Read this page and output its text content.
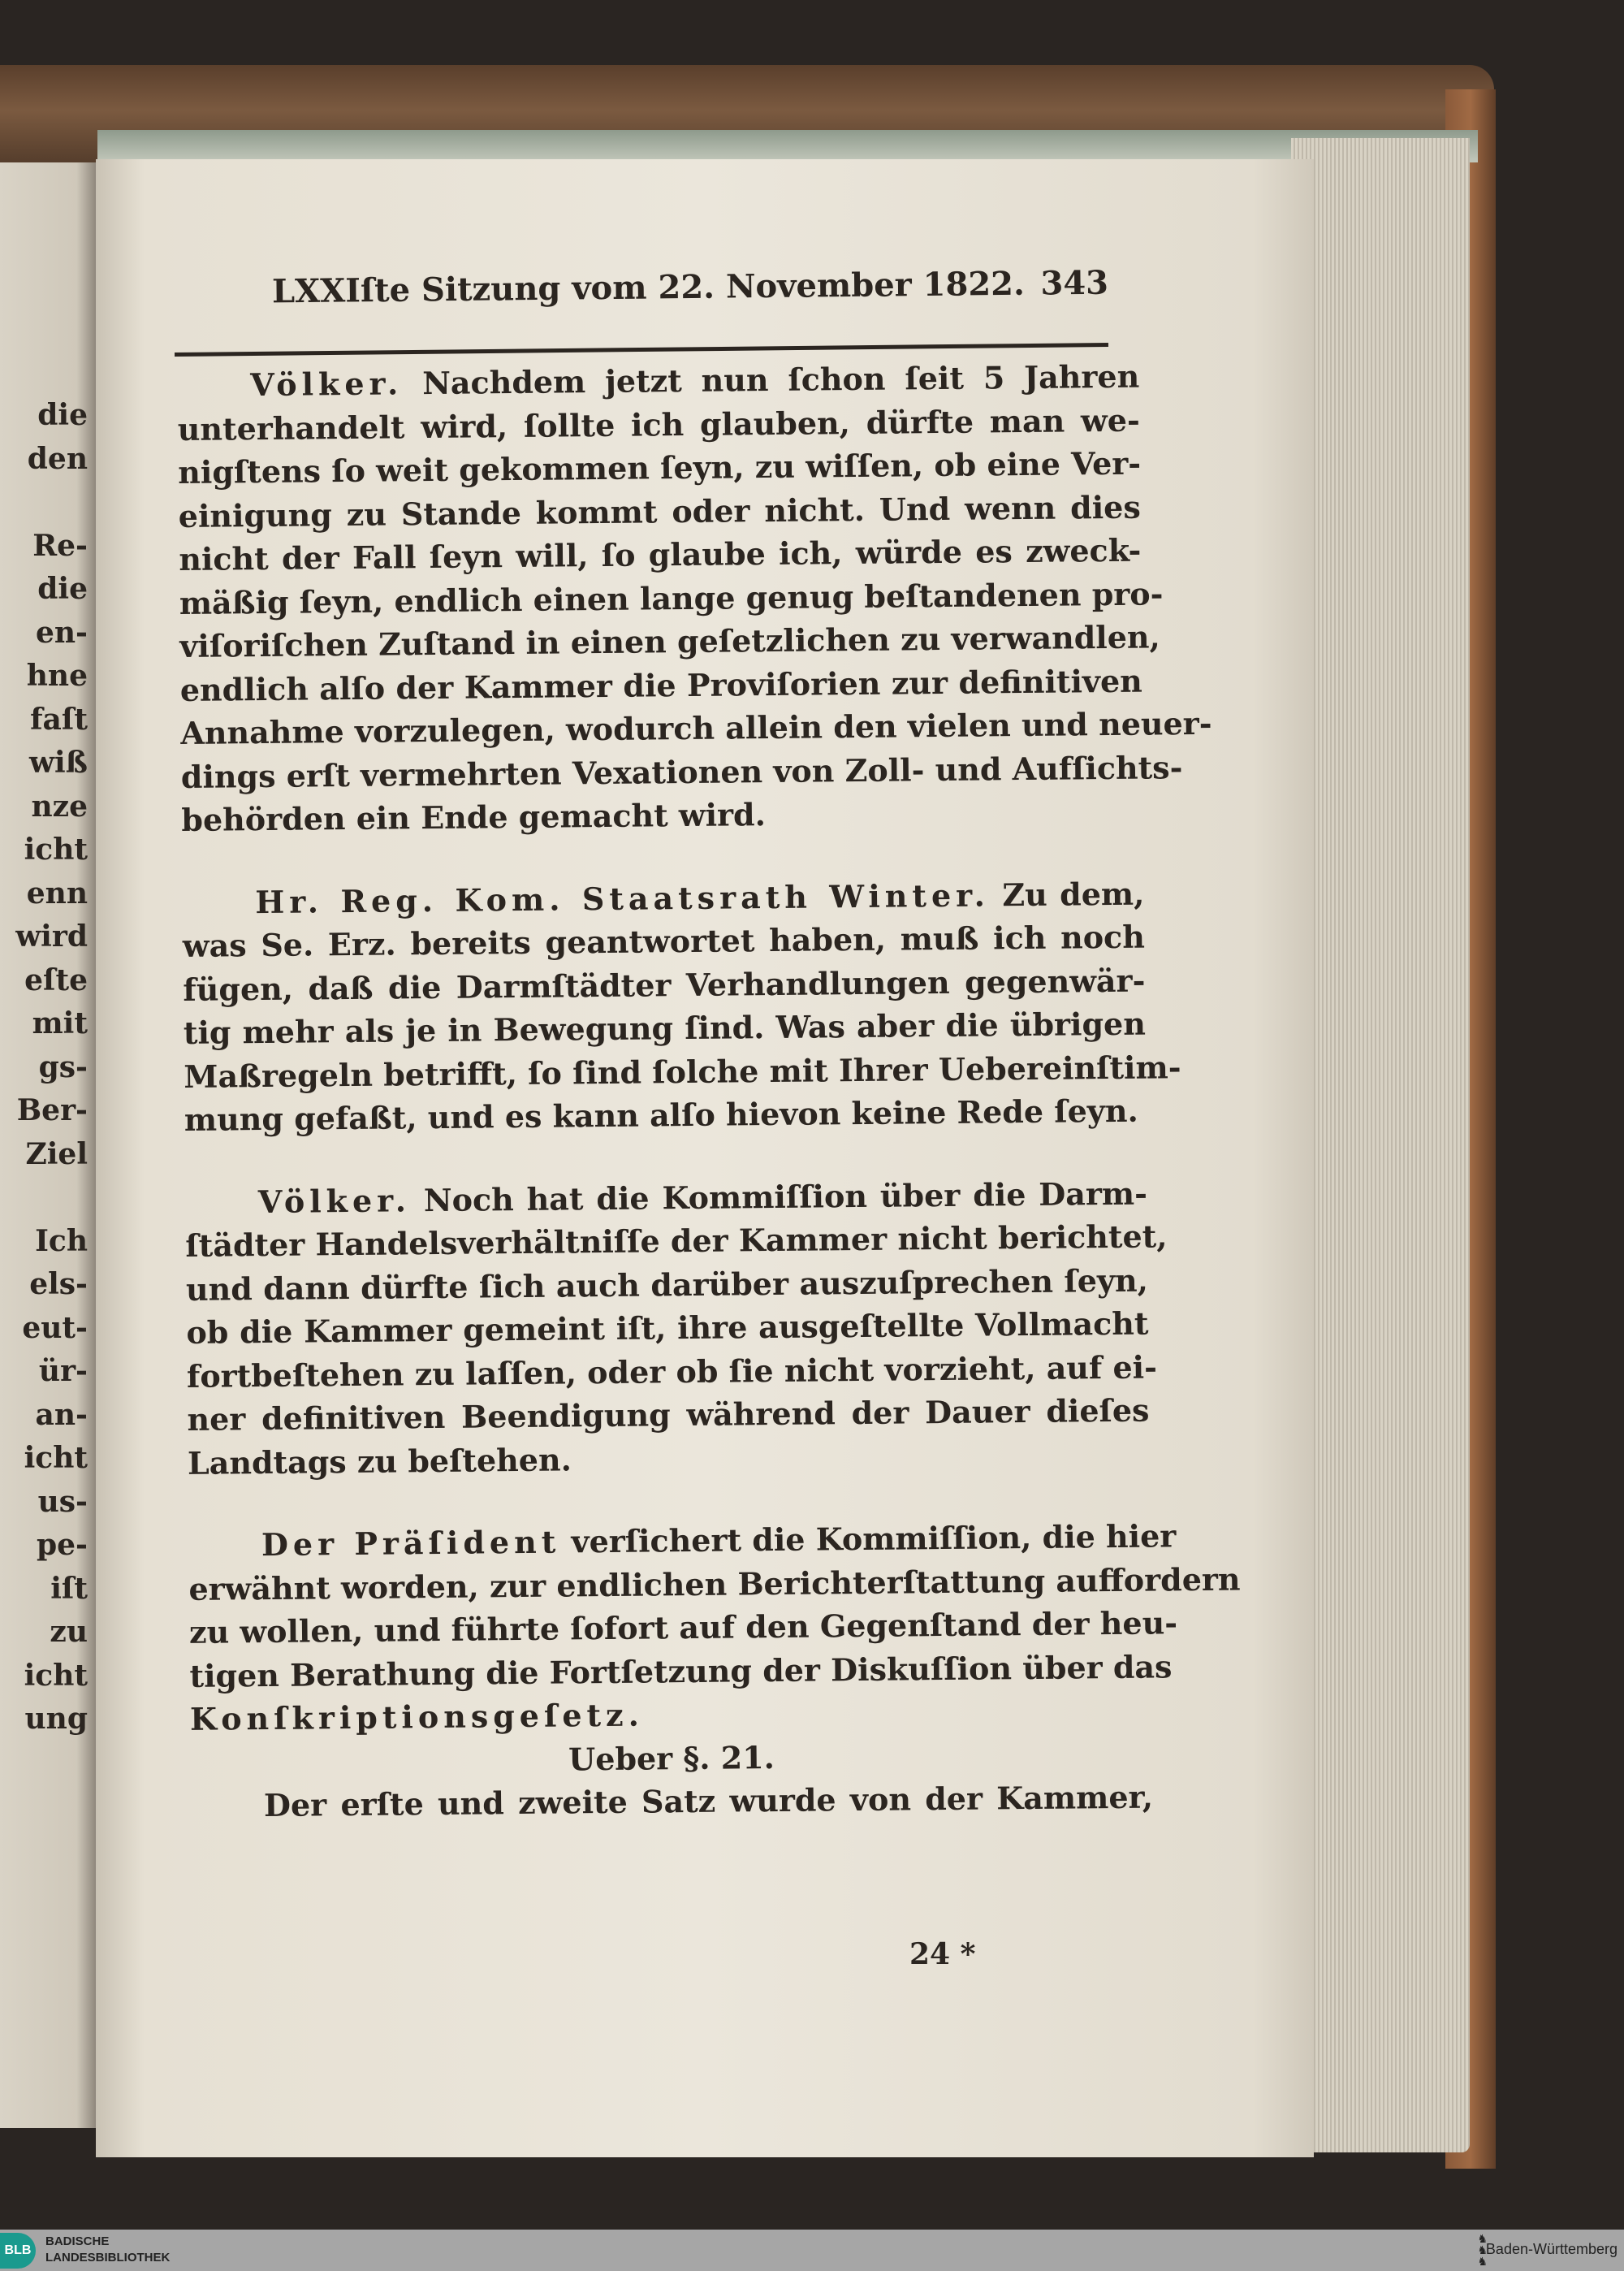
LXXIſte Sitzung vom 22. November 1822. 343
Völker. Nachdem jetzt nun ſchon ſeit 5 Jahren
unterhandelt wird, ſollte ich glauben, dürfte man we-
nigſtens ſo weit gekommen ſeyn, zu wiſſen, ob eine Ver-
einigung zu Stande kommt oder nicht. Und wenn dies
nicht der Fall ſeyn will, ſo glaube ich, würde es zweck-
mäßig ſeyn, endlich einen lange genug beſtandenen pro-
viſoriſchen Zuſtand in einen geſetzlichen zu verwandlen,
endlich alſo der Kammer die Proviſorien zur definitiven
Annahme vorzulegen, wodurch allein den vielen und neuer-
dings erſt vermehrten Vexationen von Zoll- und Aufſichts-
behörden ein Ende gemacht wird.
Hr. Reg. Kom. Staatsrath Winter. Zu dem,
was Se. Erz. bereits geantwortet haben, muß ich noch
fügen, daß die Darmſtädter Verhandlungen gegenwär-
tig mehr als je in Bewegung ſind. Was aber die übrigen
Maßregeln betrifft, ſo ſind ſolche mit Ihrer Uebereinſtim-
mung gefaßt, und es kann alſo hievon keine Rede ſeyn.
Völker. Noch hat die Kommiſſion über die Darm-
ſtädter Handelsverhältniſſe der Kammer nicht berichtet,
und dann dürfte ſich auch darüber auszuſprechen ſeyn,
ob die Kammer gemeint iſt, ihre ausgeſtellte Vollmacht
fortbeſtehen zu laſſen, oder ob ſie nicht vorzieht, auf ei-
ner definitiven Beendigung während der Dauer dieſes
Landtags zu beſtehen.
Der Präſident verſichert die Kommiſſion, die hier
erwähnt worden, zur endlichen Berichterſtattung auffordern
zu wollen, und führte ſofort auf den Gegenſtand der heu-
tigen Berathung die Fortſetzung der Diskuſſion über das
Konſkriptionsgeſetz.
Ueber §. 21.
Der erſte und zweite Satz wurde von der Kammer,
24 *
BLB
BADISCHE
LANDESBIBLIOTHEK
♞
♞
♞
Baden-Württemberg
die
den
Re-
die
en-
hne
faſt
wiß
nze
icht
enn
wird
eſte
mit
gs-
Ber-
Ziel
Ich
els-
eut-
ür-
an-
icht
us-
pe-
iſt
zu
icht
ung
